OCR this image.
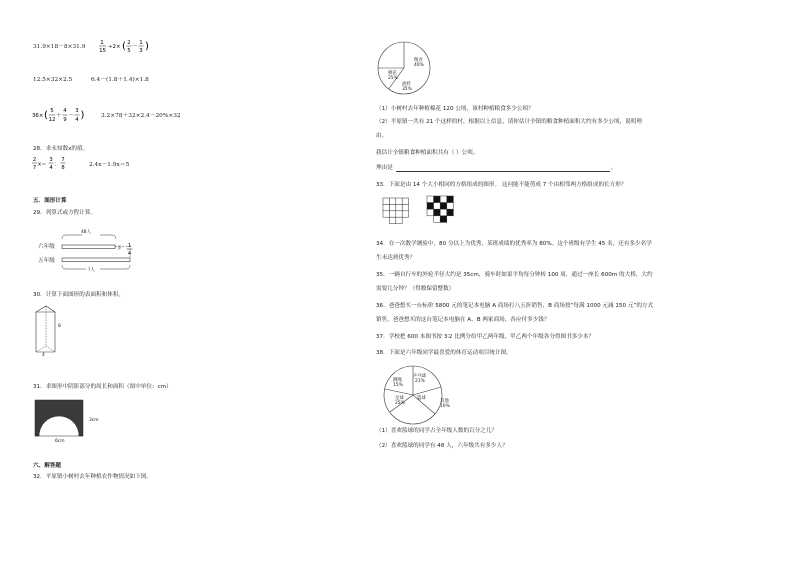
31.9×18－8×31.9
1
15
÷2× ( 2
5
－
1
3 )
12.5×32×2.5	6.4－(1.8＋1.4)×1.8
36× ( 5
12
＋
4
9
－
3
4 )	3.2×78＋32×2.4－20%×32
28．求未知数x的值。
2
7
x＝
3
4
：
7
8	2.4x－1.9x＝5
五．图形计算
29．列算式或方程计算。
48人
六年级
五年级
多 1
4
?人
30．计算下面图形的表面积和体积。
8
4
31．求图形中阴影部分的周长和面积（图中单位：cm）
3cm
6cm
六、解答题
32．平原镇小树村去年种植农作物情况如下图。
粮食
40%
棉花
25%
油料
35%
（1）小树村去年种植棉花 120 公顷，该村种植粮食多少公顷？
（2）平原镇一共有 21 个这样的村，根据以上信息，请你估计全镇的粮食种植面积大约有多少公顷，说明理
由。
我估计全镇粮食种植面积共有（ ）公顷。
理由是	。
33．下面是由 14 个大小相同的方格组成的图形。 这问能不能剪成 7 个由相邻两方格组成的长方形？
34．在一次数学测验中，80 分以上为优秀，某班成绩的优秀率为 80%。这个班级有学生 45 名，还有多少名学
生未达到优秀？
35．一辆自行车的外轮半径大约是 35cm，骑车时如果平均每分钟转 100 周，通过一座长 600m 的大桥，大约
需要几分钟？（得数保留整数）
36．爸爸想买一台标价 5800 元的笔记本电脑 A 商场打八五折销售，B 商场按“每满 1000 元减 150 元”的方式
销售，爸爸想买的这台笔记本电脑在 A、B 两家商场，各应付多少钱？
37．学校把 600 本图书按 3∶2 比例分给甲乙两年级，甲乙两个年级各分得图书多少本？
38．下面是六年级同学最喜爱的体育运动项目统计图。
乒乓球
21%
跳绳
15%
篮球
足球
25%	其他
10%
（1）喜欢篮球的同学占全年级人数的百分之几？
（2）喜欢篮球的同学有 48 人，六年级共有多少人？
